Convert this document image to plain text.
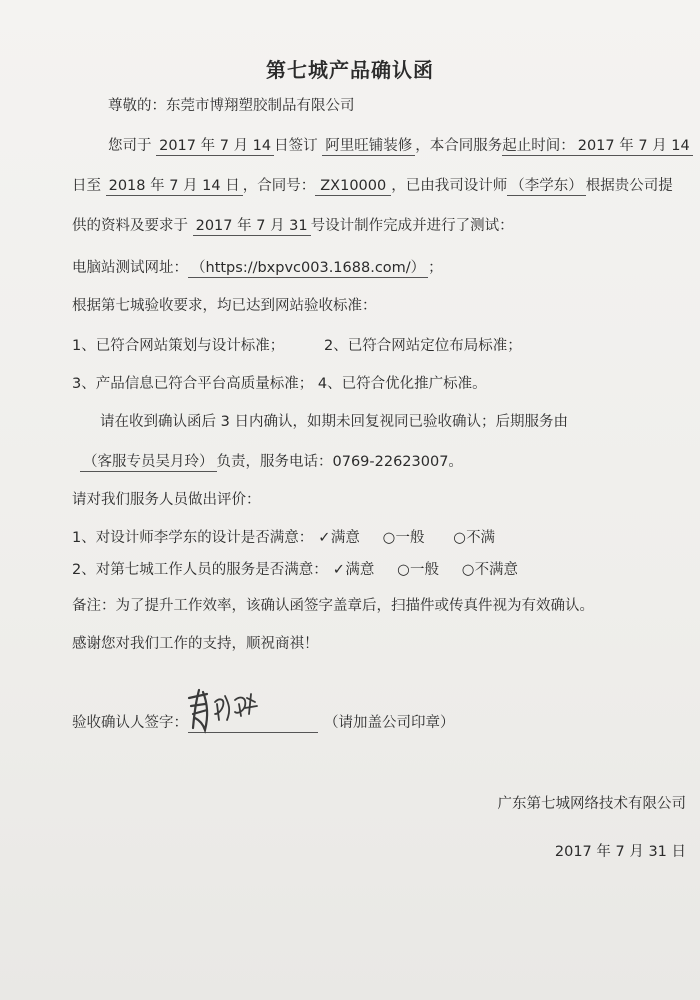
第七城产品确认函
尊敬的：东莞市博翔塑胶制品有限公司
您司于 2017 年 7 月 14 日签订 阿里旺铺装修 ，本合同服务起止时间： 2017 年 7 月 14
日至 2018 年 7 月 14 日 ，合同号： ZX10000 ，已由我司设计师 （李学东） 根据贵公司提
供的资料及要求于 2017 年 7 月 31 号设计制作完成并进行了测试：
电脑站测试网址： （https://bxpvc003.1688.com/） ；
根据第七城验收要求，均已达到网站验收标准：
1、已符合网站策划与设计标准；	2、已符合网站定位布局标准；
3、产品信息已符合平台高质量标准； 4、已符合优化推广标准。
请在收到确认函后 3 日内确认，如期未回复视同已验收确认；后期服务由
（客服专员吴月玲） 负责，服务电话：0769-22623007。
请对我们服务人员做出评价：
1、对设计师李学东的设计是否满意： ✓满意 ○一般 ○不满
2、对第七城工作人员的服务是否满意： ✓满意 ○一般 ○不满意
备注：为了提升工作效率，该确认函签字盖章后，扫描件或传真件视为有效确认。
感谢您对我们工作的支持，顺祝商祺！
验收确认人签字：	（请加盖公司印章）
广东第七城网络技术有限公司
2017 年 7 月 31 日
